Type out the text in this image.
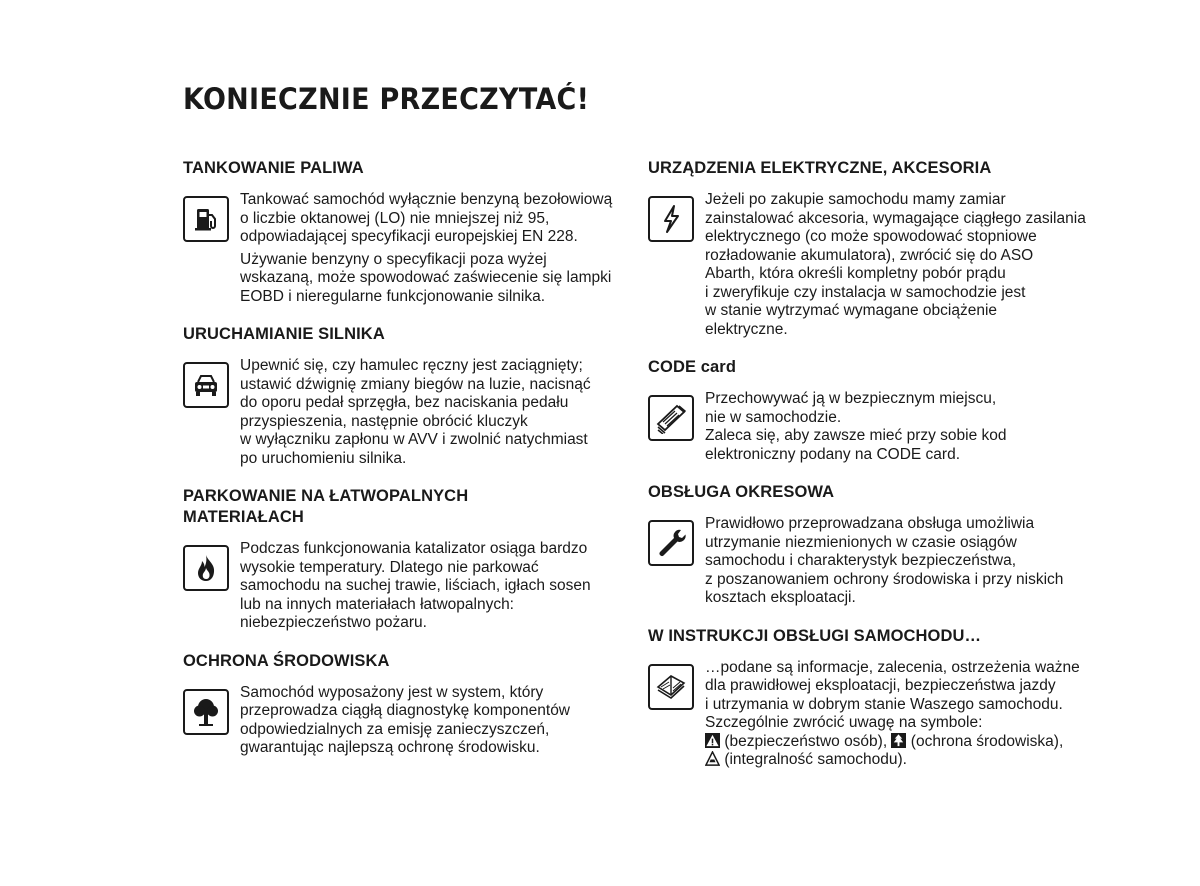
KONIECZNIE PRZECZYTAĆ!
TANKOWANIE PALIWA

Tankować samochód wyłącznie benzyną bezołowiową
o liczbie oktanowej (LO) nie mniejszej niż 95,
odpowiadającej specyfikacji europejskiej EN 228.

Używanie benzyny o specyfikacji poza wyżej
wskazaną, może spowodować zaświecenie się lampki
EOBD i nieregularne funkcjonowanie silnika.

URUCHAMIANIE SILNIKA

Upewnić się, czy hamulec ręczny jest zaciągnięty;
ustawić dźwignię zmiany biegów na luzie, nacisnąć
do oporu pedał sprzęgła, bez naciskania pedału
przyspieszenia, następnie obrócić kluczyk
w wyłączniku zapłonu w AVV i zwolnić natychmiast
po uruchomieniu silnika.

PARKOWANIE NA ŁATWOPALNYCH
MATERIAŁACH

Podczas funkcjonowania katalizator osiąga bardzo
wysokie temperatury. Dlatego nie parkować
samochodu na suchej trawie, liściach, igłach sosen
lub na innych materiałach łatwopalnych:
niebezpieczeństwo pożaru.

OCHRONA ŚRODOWISKA

Samochód wyposażony jest w system, który
przeprowadza ciągłą diagnostykę komponentów
odpowiedzialnych za emisję zanieczyszczeń,
gwarantując najlepszą ochronę środowisku.

URZĄDZENIA ELEKTRYCZNE, AKCESORIA

Jeżeli po zakupie samochodu mamy zamiar
zainstalować akcesoria, wymagające ciągłego zasilania
elektrycznego (co może spowodować stopniowe
rozładowanie akumulatora), zwrócić się do ASO
Abarth, która określi kompletny pobór prądu
i zweryfikuje czy instalacja w samochodzie jest
w stanie wytrzymać wymagane obciążenie
elektryczne.

CODE card

Przechowywać ją w bezpiecznym miejscu,
nie w samochodzie.
Zaleca się, aby zawsze mieć przy sobie kod
elektroniczny podany na CODE card.

OBSŁUGA OKRESOWA

Prawidłowo przeprowadzana obsługa umożliwia
utrzymanie niezmienionych w czasie osiągów
samochodu i charakterystyk bezpieczeństwa,
z poszanowaniem ochrony środowiska i przy niskich
kosztach eksploatacji.

W INSTRUKCJI OBSŁUGI SAMOCHODU…

…podane są informacje, zalecenia, ostrzeżenia ważne
dla prawidłowej eksploatacji, bezpieczeństwa jazdy
i utrzymania w dobrym stanie Waszego samochodu.
Szczególnie zwrócić uwagę na symbole:
(bezpieczeństwo osób), (ochrona środowiska),
(integralność samochodu).
